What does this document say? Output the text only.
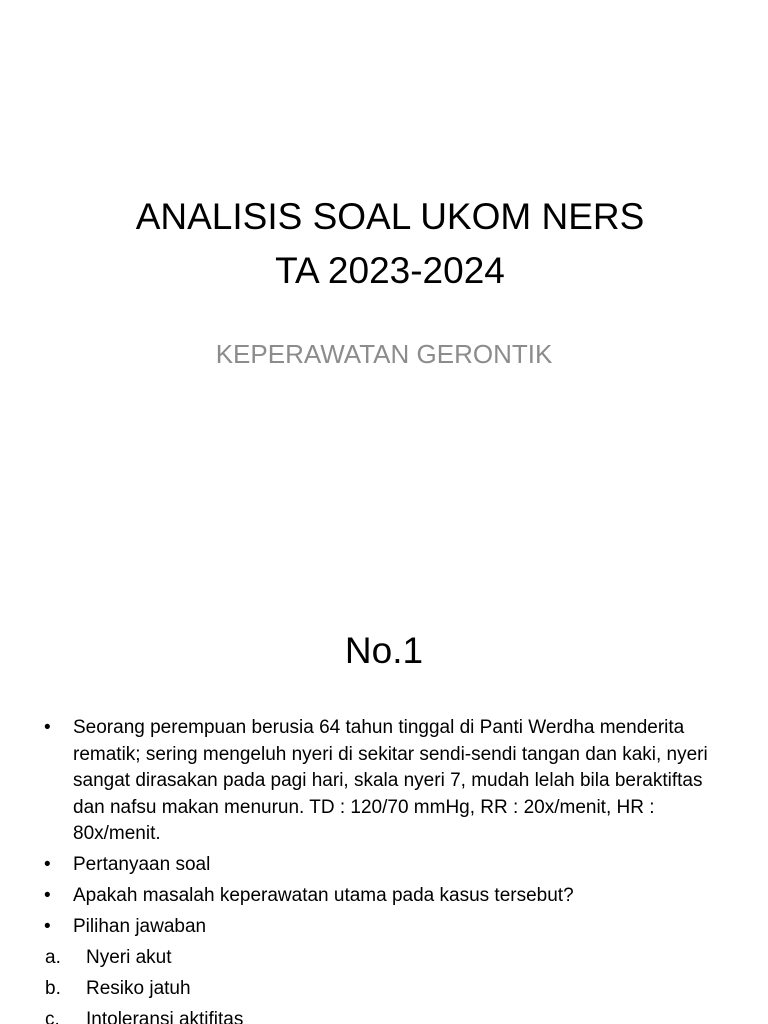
ANALISIS SOAL UKOM NERS
TA 2023-2024

KEPERAWATAN GERONTIK

No.1
• Seorang perempuan berusia 64 tahun tinggal di Panti Werdha menderita rematik; sering mengeluh nyeri di sekitar sendi-sendi tangan dan kaki, nyeri sangat dirasakan pada pagi hari, skala nyeri 7, mudah lelah bila beraktiftas dan nafsu makan menurun. TD : 120/70 mmHg, RR : 20x/menit, HR : 80x/menit.
• Pertanyaan soal
• Apakah masalah keperawatan utama pada kasus tersebut?
• Pilihan jawaban
a. Nyeri akut
b. Resiko jatuh
c. Intoleransi aktifitas
